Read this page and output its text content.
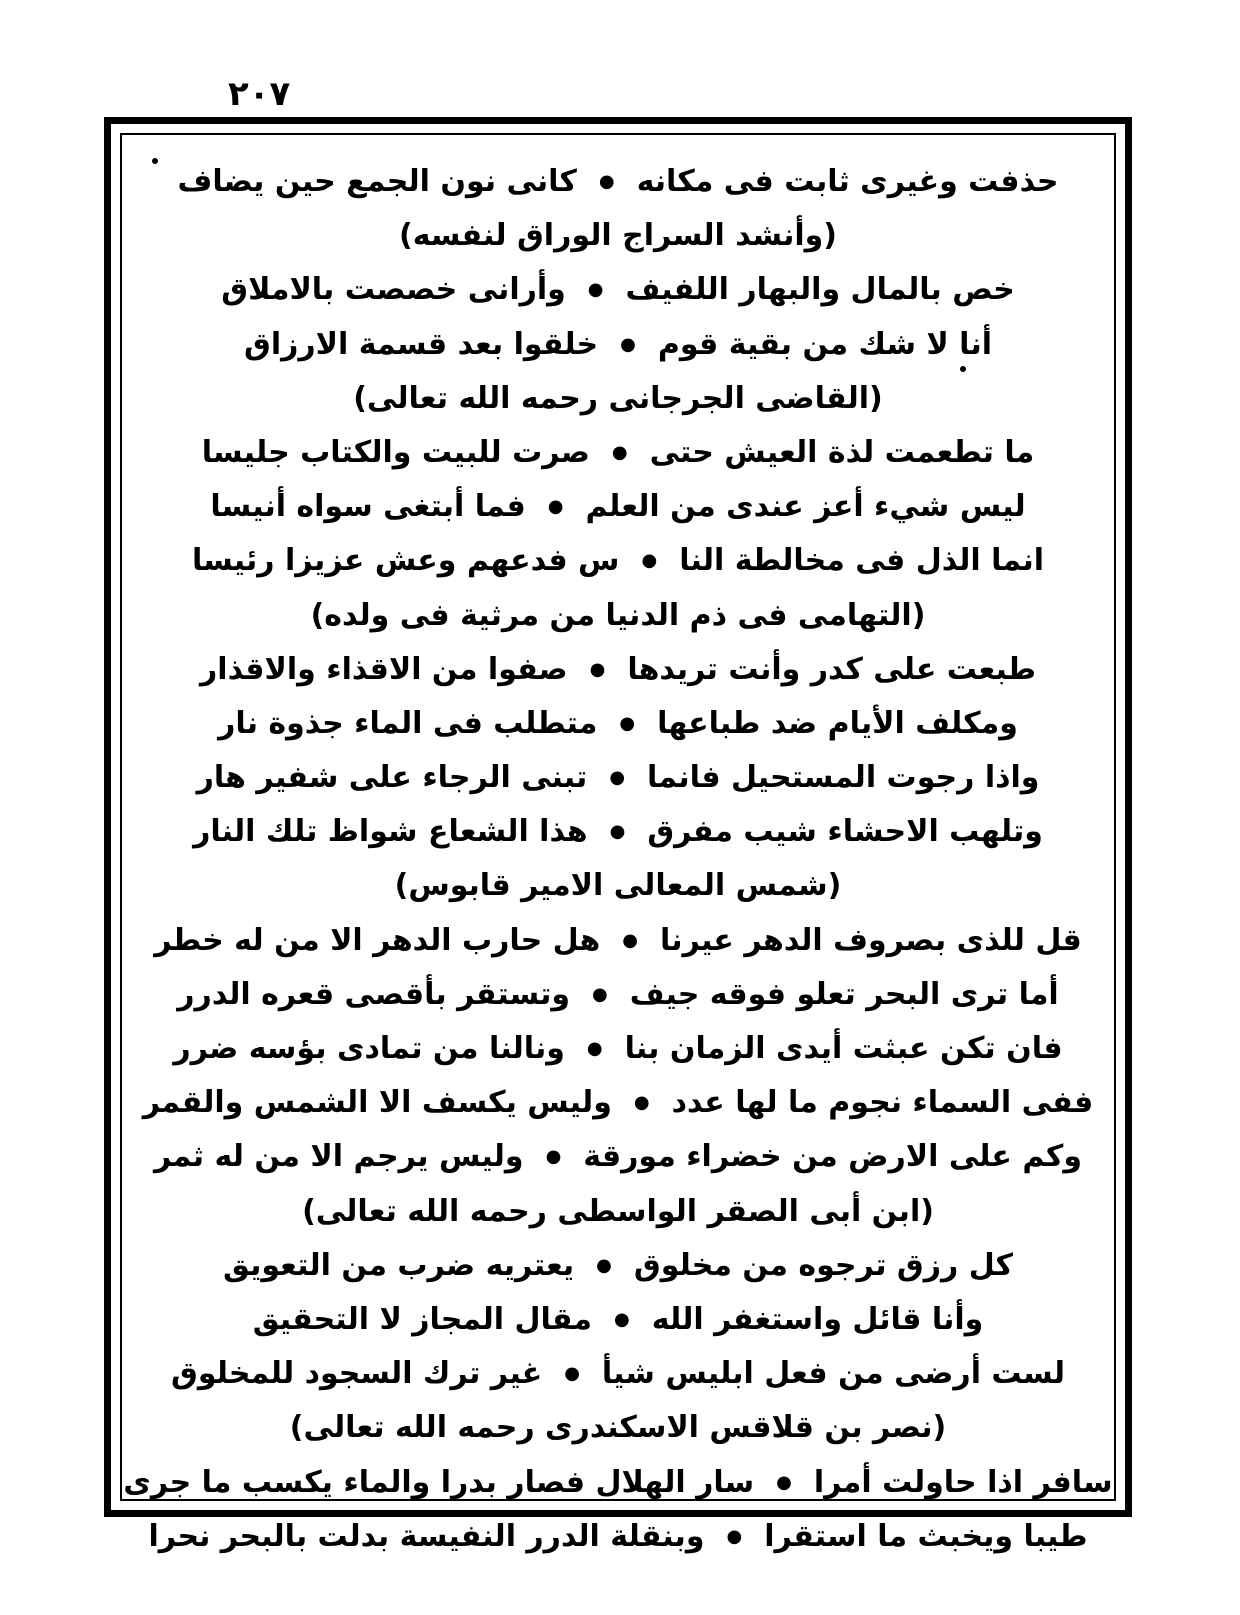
٢٠٧
حذفت وغيرى ثابت فى مكانه
●
كانى نون الجمع حين يضاف
(وأنشد السراج الوراق لنفسه)
خص بالمال والبهار اللفيف
●
وأرانى خصصت بالاملاق
أنا لا شك من بقية قوم
●
خلقوا بعد قسمة الارزاق
(القاضى الجرجانى رحمه الله تعالى)
ما تطعمت لذة العيش حتى
●
صرت للبيت والكتاب جليسا
ليس شيء أعز عندى من العلم
●
فما أبتغى سواه أنيسا
انما الذل فى مخالطة النا
●
س فدعهم وعش عزيزا رئيسا
(التهامى فى ذم الدنيا من مرثية فى ولده)
طبعت على كدر وأنت تريدها
●
صفوا من الاقذاء والاقذار
ومكلف الأيام ضد طباعها
●
متطلب فى الماء جذوة نار
واذا رجوت المستحيل فانما
●
تبنى الرجاء على شفير هار
وتلهب الاحشاء شيب مفرق
●
هذا الشعاع شواظ تلك النار
(شمس المعالى الامير قابوس)
قل للذى بصروف الدهر عيرنا
●
هل حارب الدهر الا من له خطر
أما ترى البحر تعلو فوقه جيف
●
وتستقر بأقصى قعره الدرر
فان تكن عبثت أيدى الزمان بنا
●
ونالنا من تمادى بؤسه ضرر
ففى السماء نجوم ما لها عدد
●
وليس يكسف الا الشمس والقمر
وكم على الارض من خضراء مورقة
●
وليس يرجم الا من له ثمر
(ابن أبى الصقر الواسطى رحمه الله تعالى)
كل رزق ترجوه من مخلوق
●
يعتريه ضرب من التعويق
وأنا قائل واستغفر الله
●
مقال المجاز لا التحقيق
لست أرضى من فعل ابليس شيأ
●
غير ترك السجود للمخلوق
(نصر بن قلاقس الاسكندرى رحمه الله تعالى)
سافر اذا حاولت أمرا
●
سار الهلال فصار بدرا والماء يكسب ما جرى
طيبا ويخبث ما استقرا
●
وبنقلة الدرر النفيسة بدلت بالبحر نحرا
